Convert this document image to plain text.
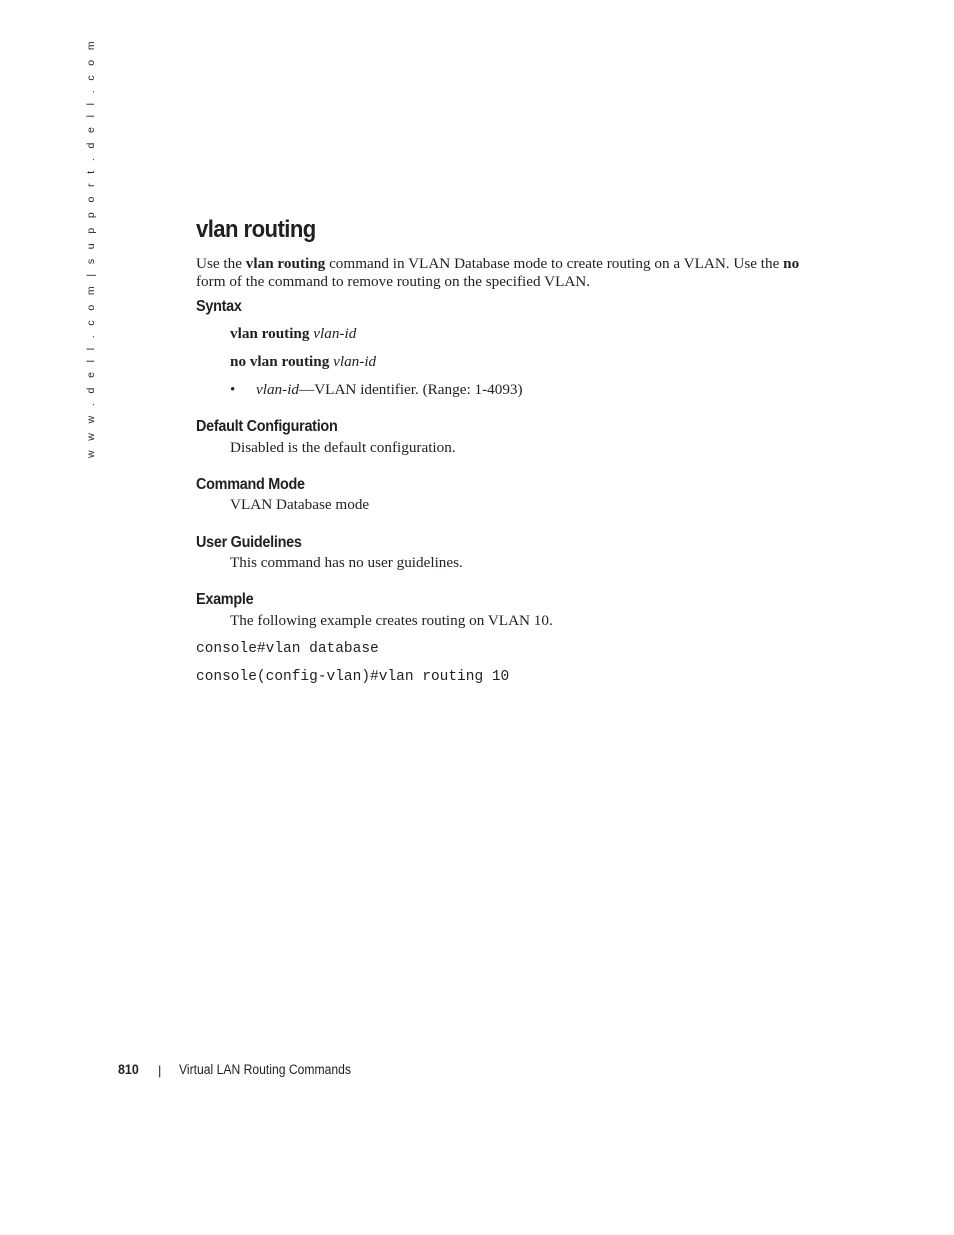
w w w . d e l l . c o m | s u p p o r t . d e l l . c o m	vlan routing

Use the vlan routing command in VLAN Database mode to create routing on a VLAN. Use the no form of the command to remove routing on the specified VLAN.

Syntax

vlan routing vlan-id

no vlan routing vlan-id

• vlan-id—VLAN identifier. (Range: 1-4093)

Default Configuration

Disabled is the default configuration.

Command Mode

VLAN Database mode

User Guidelines

This command has no user guidelines.

Example

The following example creates routing on VLAN 10.

console#vlan database

console(config-vlan)#vlan routing 10

810 | Virtual LAN Routing Commands
